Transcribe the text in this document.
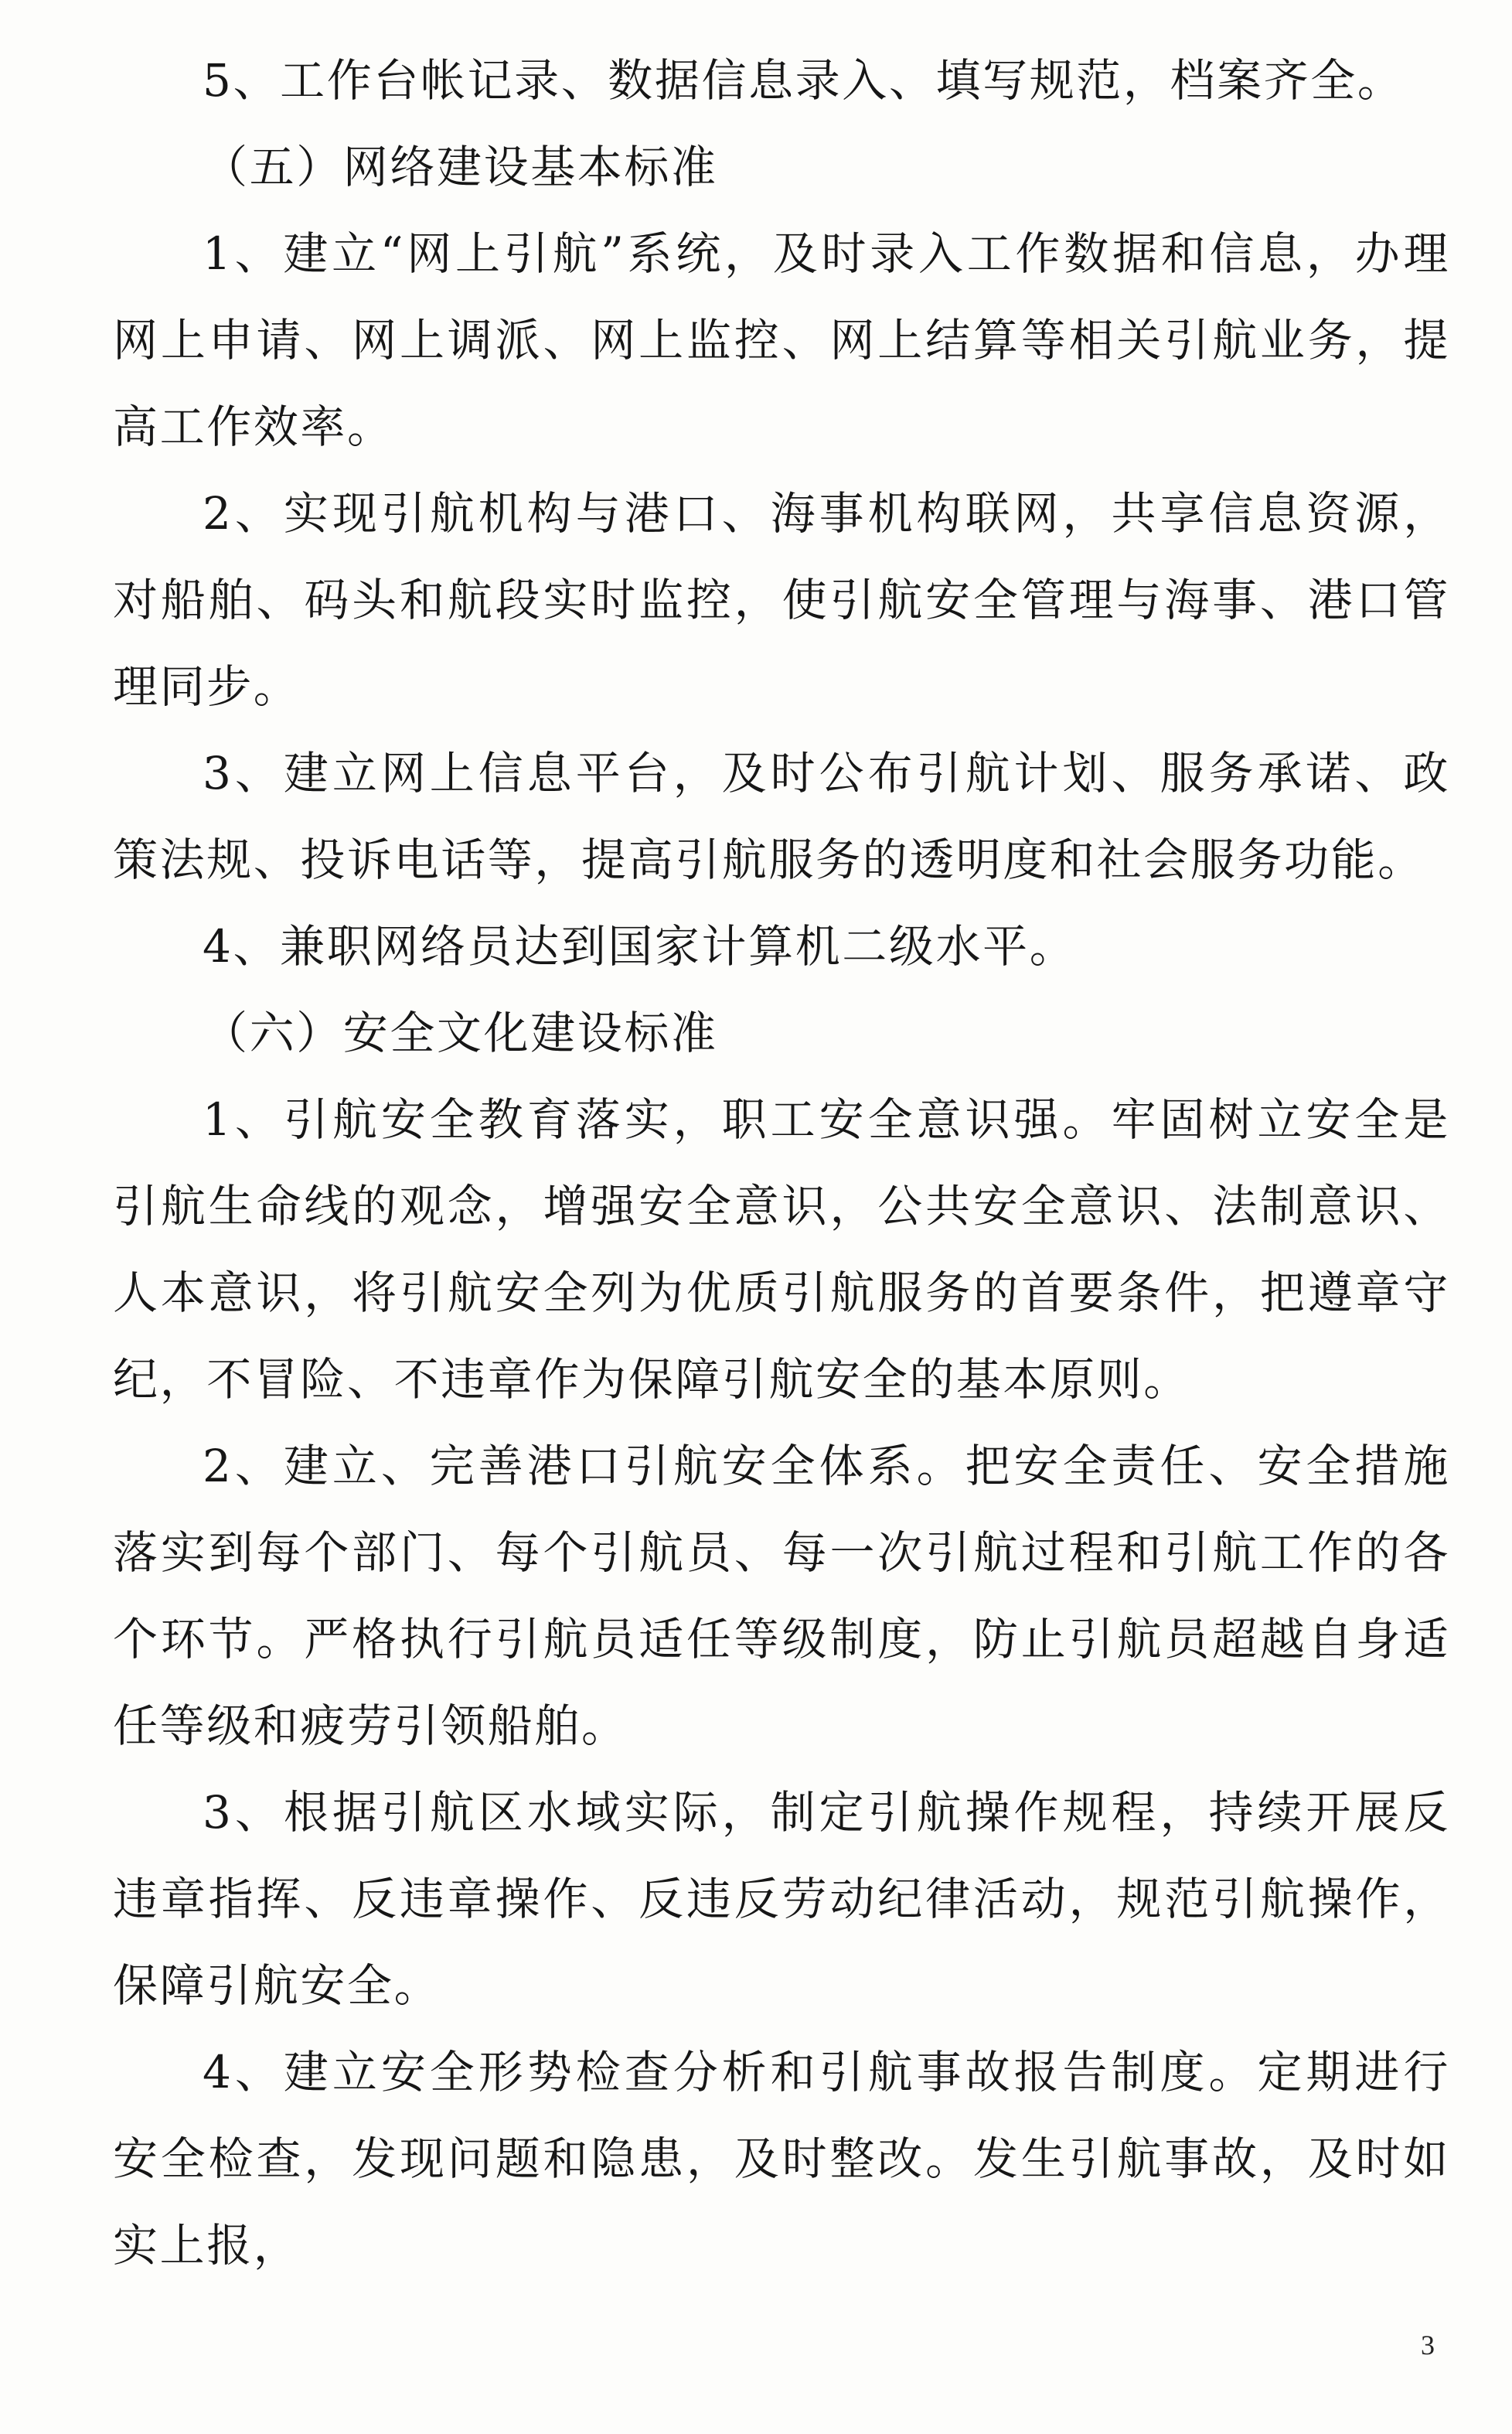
5、工作台帐记录、数据信息录入、填写规范，档案齐全。

（五）网络建设基本标准

1、建立“网上引航”系统，及时录入工作数据和信息，办理网上申请、网上调派、网上监控、网上结算等相关引航业务，提高工作效率。

2、实现引航机构与港口、海事机构联网，共享信息资源，对船舶、码头和航段实时监控，使引航安全管理与海事、港口管理同步。

3、建立网上信息平台，及时公布引航计划、服务承诺、政策法规、投诉电话等，提高引航服务的透明度和社会服务功能。

4、兼职网络员达到国家计算机二级水平。

（六）安全文化建设标准

1、引航安全教育落实，职工安全意识强。牢固树立安全是引航生命线的观念，增强安全意识，公共安全意识、法制意识、人本意识，将引航安全列为优质引航服务的首要条件，把遵章守纪，不冒险、不违章作为保障引航安全的基本原则。

2、建立、完善港口引航安全体系。把安全责任、安全措施落实到每个部门、每个引航员、每一次引航过程和引航工作的各个环节。严格执行引航员适任等级制度，防止引航员超越自身适任等级和疲劳引领船舶。

3、根据引航区水域实际，制定引航操作规程，持续开展反违章指挥、反违章操作、反违反劳动纪律活动，规范引航操作，保障引航安全。

4、建立安全形势检查分析和引航事故报告制度。定期进行安全检查，发现问题和隐患，及时整改。发生引航事故，及时如实上报，

3
